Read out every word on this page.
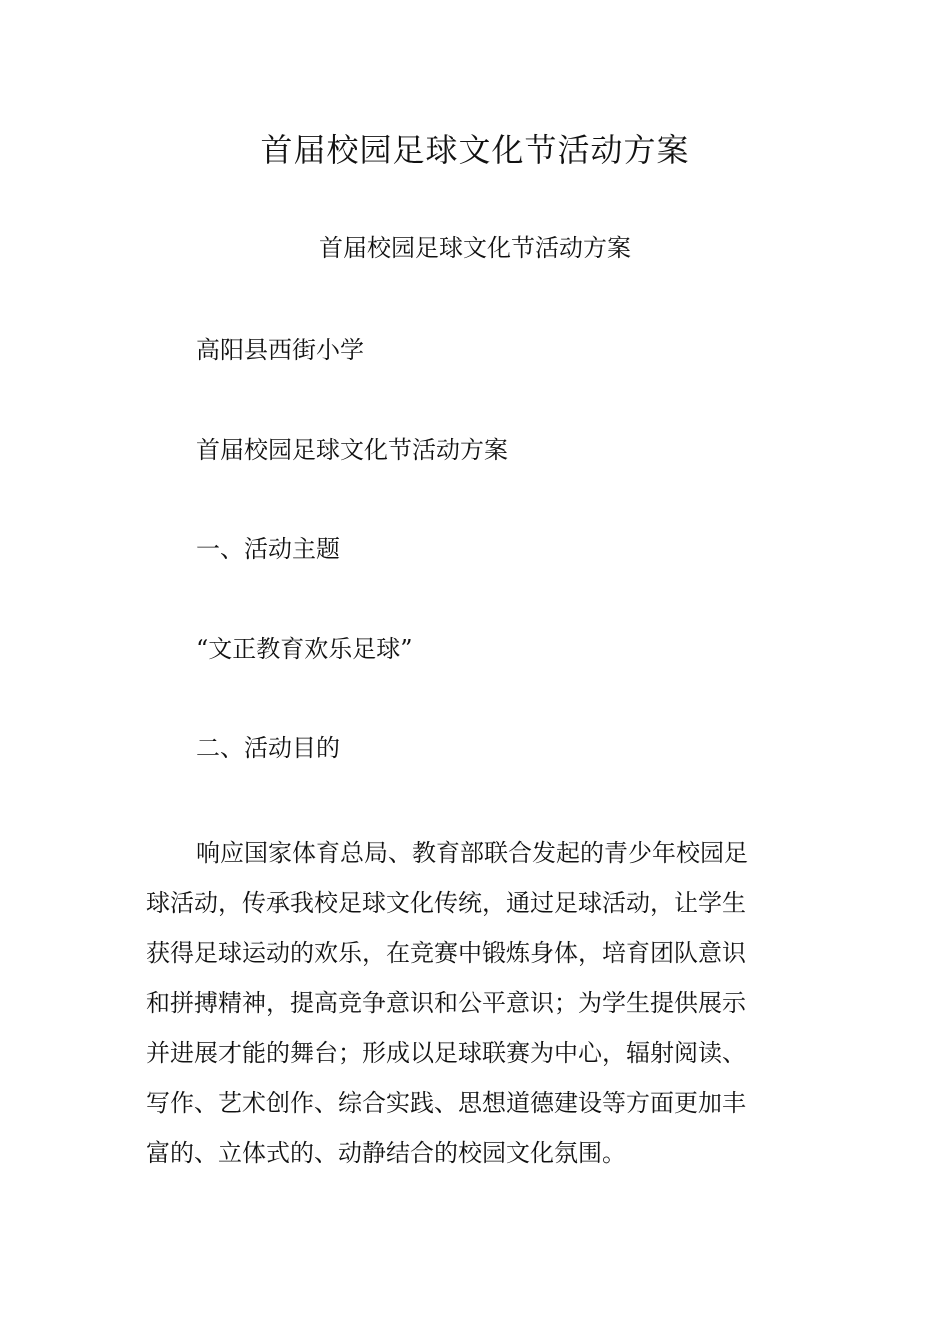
首届校园足球文化节活动方案

首届校园足球文化节活动方案

高阳县西街小学

首届校园足球文化节活动方案

一、活动主题

“文正教育欢乐足球”

二、活动目的

响应国家体育总局、教育部联合发起的青少年校园足
球活动，传承我校足球文化传统，通过足球活动，让学生
获得足球运动的欢乐，在竞赛中锻炼身体，培育团队意识
和拼搏精神，提高竞争意识和公平意识；为学生提供展示
并进展才能的舞台；形成以足球联赛为中心，辐射阅读、
写作、艺术创作、综合实践、思想道德建设等方面更加丰
富的、立体式的、动静结合的校园文化氛围。
